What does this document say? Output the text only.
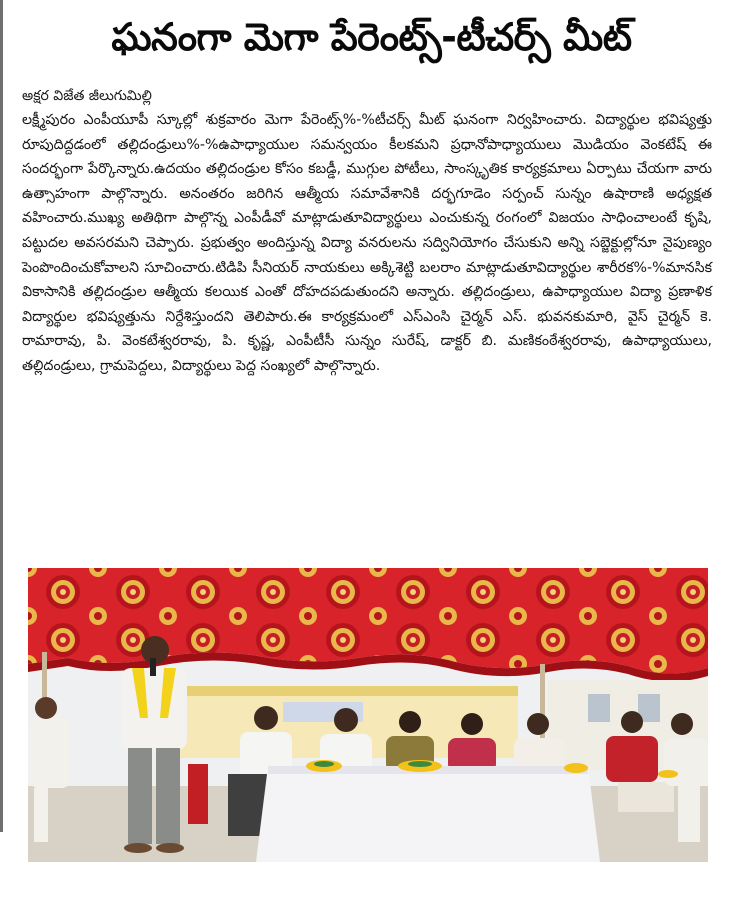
ఘనంగా మెగా పేరెంట్స్-టీచర్స్ మీట్
అక్షర విజేత జీలుగుమిల్లి
లక్ష్మీపురం ఎంపీయూపీ స్కూల్లో శుక్రవారం మెగా పేరెంట్స్%-%టీచర్స్ మీట్ ఘనంగా నిర్వహించారు. విద్యార్థుల భవిష్యత్తు రూపుదిద్దడంలో తల్లిదండ్రులు%-%ఉపాధ్యాయుల సమన్వయం కీలకమని ప్రధానోపాధ్యాయులు మొడియం వెంకటేష్ ఈ సందర్భంగా పేర్కొన్నారు.ఉదయం తల్లిదండ్రుల కోసం కబడ్డీ, ముగ్గుల పోటీలు, సాంస్కృతిక కార్యక్రమాలు ఏర్పాటు చేయగా వారు ఉత్సాహంగా పాల్గొన్నారు. అనంతరం జరిగిన ఆత్మీయ సమావేశానికి దర్భగూడెం సర్పంచ్ సున్నం ఉషారాణి అధ్యక్షత వహించారు.ముఖ్య అతిథిగా పాల్గొన్న ఎంపీడీవో మాట్లాడుతూవిద్యార్థులు ఎంచుకున్న రంగంలో విజయం సాధించాలంటే కృషి, పట్టుదల అవసరమని చెప్పారు. ప్రభుత్వం అందిస్తున్న విద్యా వనరులను సద్వినియోగం చేసుకుని అన్ని సబ్జెక్టుల్లోనూ నైపుణ్యం పెంపొందించుకోవాలని సూచించారు.టిడిపి సీనియర్ నాయకులు అక్కిశెట్టి బలరాం మాట్లాడుతూవిద్యార్థుల శారీరక%-%మానసిక వికాసానికి తల్లిదండ్రుల ఆత్మీయ కలయిక ఎంతో దోహదపడుతుందని అన్నారు. తల్లిదండ్రులు, ఉపాధ్యాయుల విద్యా ప్రణాళిక విద్యార్థుల భవిష్యత్తును నిర్దేశిస్తుందని తెలిపారు.ఈ కార్యక్రమంలో ఎస్ఎంసి చైర్మన్ ఎస్. భువనకుమారి, వైస్ చైర్మన్ కె. రామారావు, పి. వెంకటేశ్వరరావు, పి. కృష్ణ, ఎంపీటీసీ సున్నం సురేష్, డాక్టర్ బి. మణికంఠేశ్వరరావు, ఉపాధ్యాయులు, తల్లిదండ్రులు, గ్రామపెద్దలు, విద్యార్థులు పెద్ద సంఖ్యలో పాల్గొన్నారు.
